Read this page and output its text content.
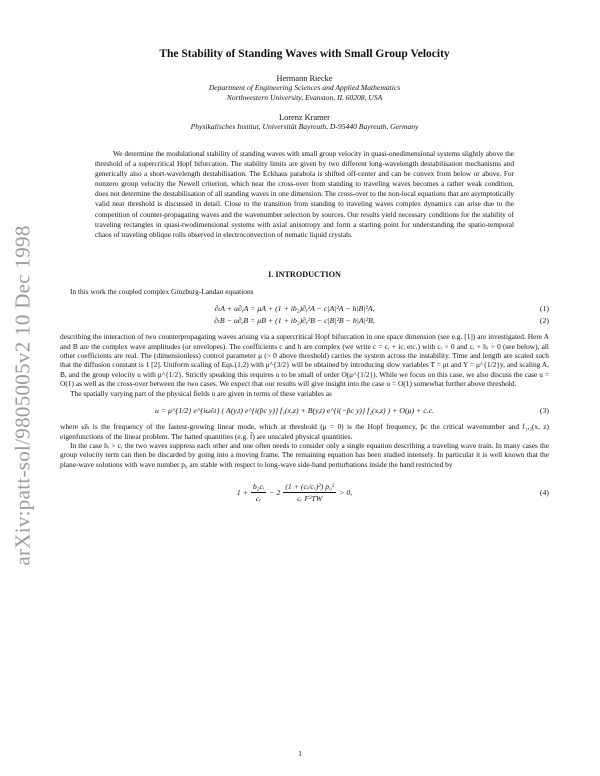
arXiv:patt-sol/9805005v2 10 Dec 1998
The Stability of Standing Waves with Small Group Velocity
Hermann Riecke
Department of Engineering Sciences and Applied Mathematics
Northwestern University, Evanston, IL 60208, USA
Lorenz Kramer
Physikalisches Institut, Universität Bayreuth, D-95440 Bayreuth, Germany

We determine the modulational stability of standing waves with small group velocity in quasi-onedimensional systems slightly above the threshold of a supercritical Hopf bifurcation. The stability limits are given by two different long-wavelength destabilisation mechanisms and generically also a short-wavelength destabilisation. The Eckhaus parabola is shifted off-center and can be convex from below or above. For nonzero group velocity the Newell criterion, which near the cross-over from standing to traveling waves becomes a rather weak condition, does not determine the destabilisation of all standing waves in one dimension. The cross-over to the non-local equations that are asymptotically valid near threshold is discussed in detail. Close to the transition from standing to traveling waves complex dynamics can arise due to the competition of counter-propagating waves and the wavenumber selection by sources. Our results yield necessary conditions for the stability of traveling rectangles in quasi-twodimensional systems with axial anisotropy and form a starting point for understanding the spatio-temporal chaos of traveling oblique rolls observed in electroconvection of nematic liquid crystals.

I. INTRODUCTION

In this work the coupled complex Ginzburg-Landau equations

∂ₜA + u∂ᵧA = μA + (1 + ib₂)∂ᵧ²A − c|A|²A − h|B|²A,	(1)
∂ₜB − u∂ᵧB = μB + (1 + ib₂)∂ᵧ²B − c|B|²B − h|A|²B,	(2)

describing the interaction of two counterpropagating waves arising via a supercritical Hopf bifurcation in one space dimension (see e.g. [1]) are investigated. Here A and B are the complex wave amplitudes (or envelopes). The coefficients c and h are complex (we write c = cᵣ + icᵢ etc.) with cᵣ > 0 and cᵣ + hᵣ > 0 (see below), all other coefficients are real. The (dimensionless) control parameter μ (> 0 above threshold) carries the system across the instability. Time and length are scaled such that the diffusion constant is 1 [2]. Uniform scaling of Eqs.(1,2) with μ^{3/2} will be obtained by introducing slow variables T = μt and Y = μ^{1/2}y, and scaling A, B, and the group velocity u with μ^{1/2}. Strictly speaking this requires u to be small of order O(μ^{1/2}). While we focus on this case, we also discuss the case u = O(1) as well as the cross-over between the two cases. We expect that our results will give insight into the case u = O(1) somewhat further above threshold.

The spatially varying part of the physical fields u are given in terms of these variables as

u = μ^{1/2} e^{iω̂ₕt} ( A(y,t) e^{i(p̂c y)} f₁(x,z) + B(y,t) e^{i(−p̂c y)} f₂(x,z) ) + O(μ) + c.c.	(3)

where ω̂ₕ is the frequency of the fastest-growing linear mode, which at threshold (μ = 0) is the Hopf frequency, p̂c the critical wavenumber and f₁,₂(x, z) eigenfunctions of the linear problem. The hatted quantities (e.g. f̂) are unscaled physical quantities.

In the case hᵣ > cᵣ the two waves suppress each other and one often needs to consider only a single equation describing a traveling wave train. In many cases the group velocity term can then be discarded by going into a moving frame. The remaining equation has been studied intensely. In particular it is well known that the plane-wave solutions with wave number p₀ are stable with respect to long-wave side-band perturbations inside the band restricted by

$1 + \frac{\text{b₂cᵢ}}{\text{cᵣ}} - 2 \frac{\text{(1 + (cᵢ/cᵣ)²) p₀²}}{\text{cᵣ F²TW}} > 0$,	(4)
1
